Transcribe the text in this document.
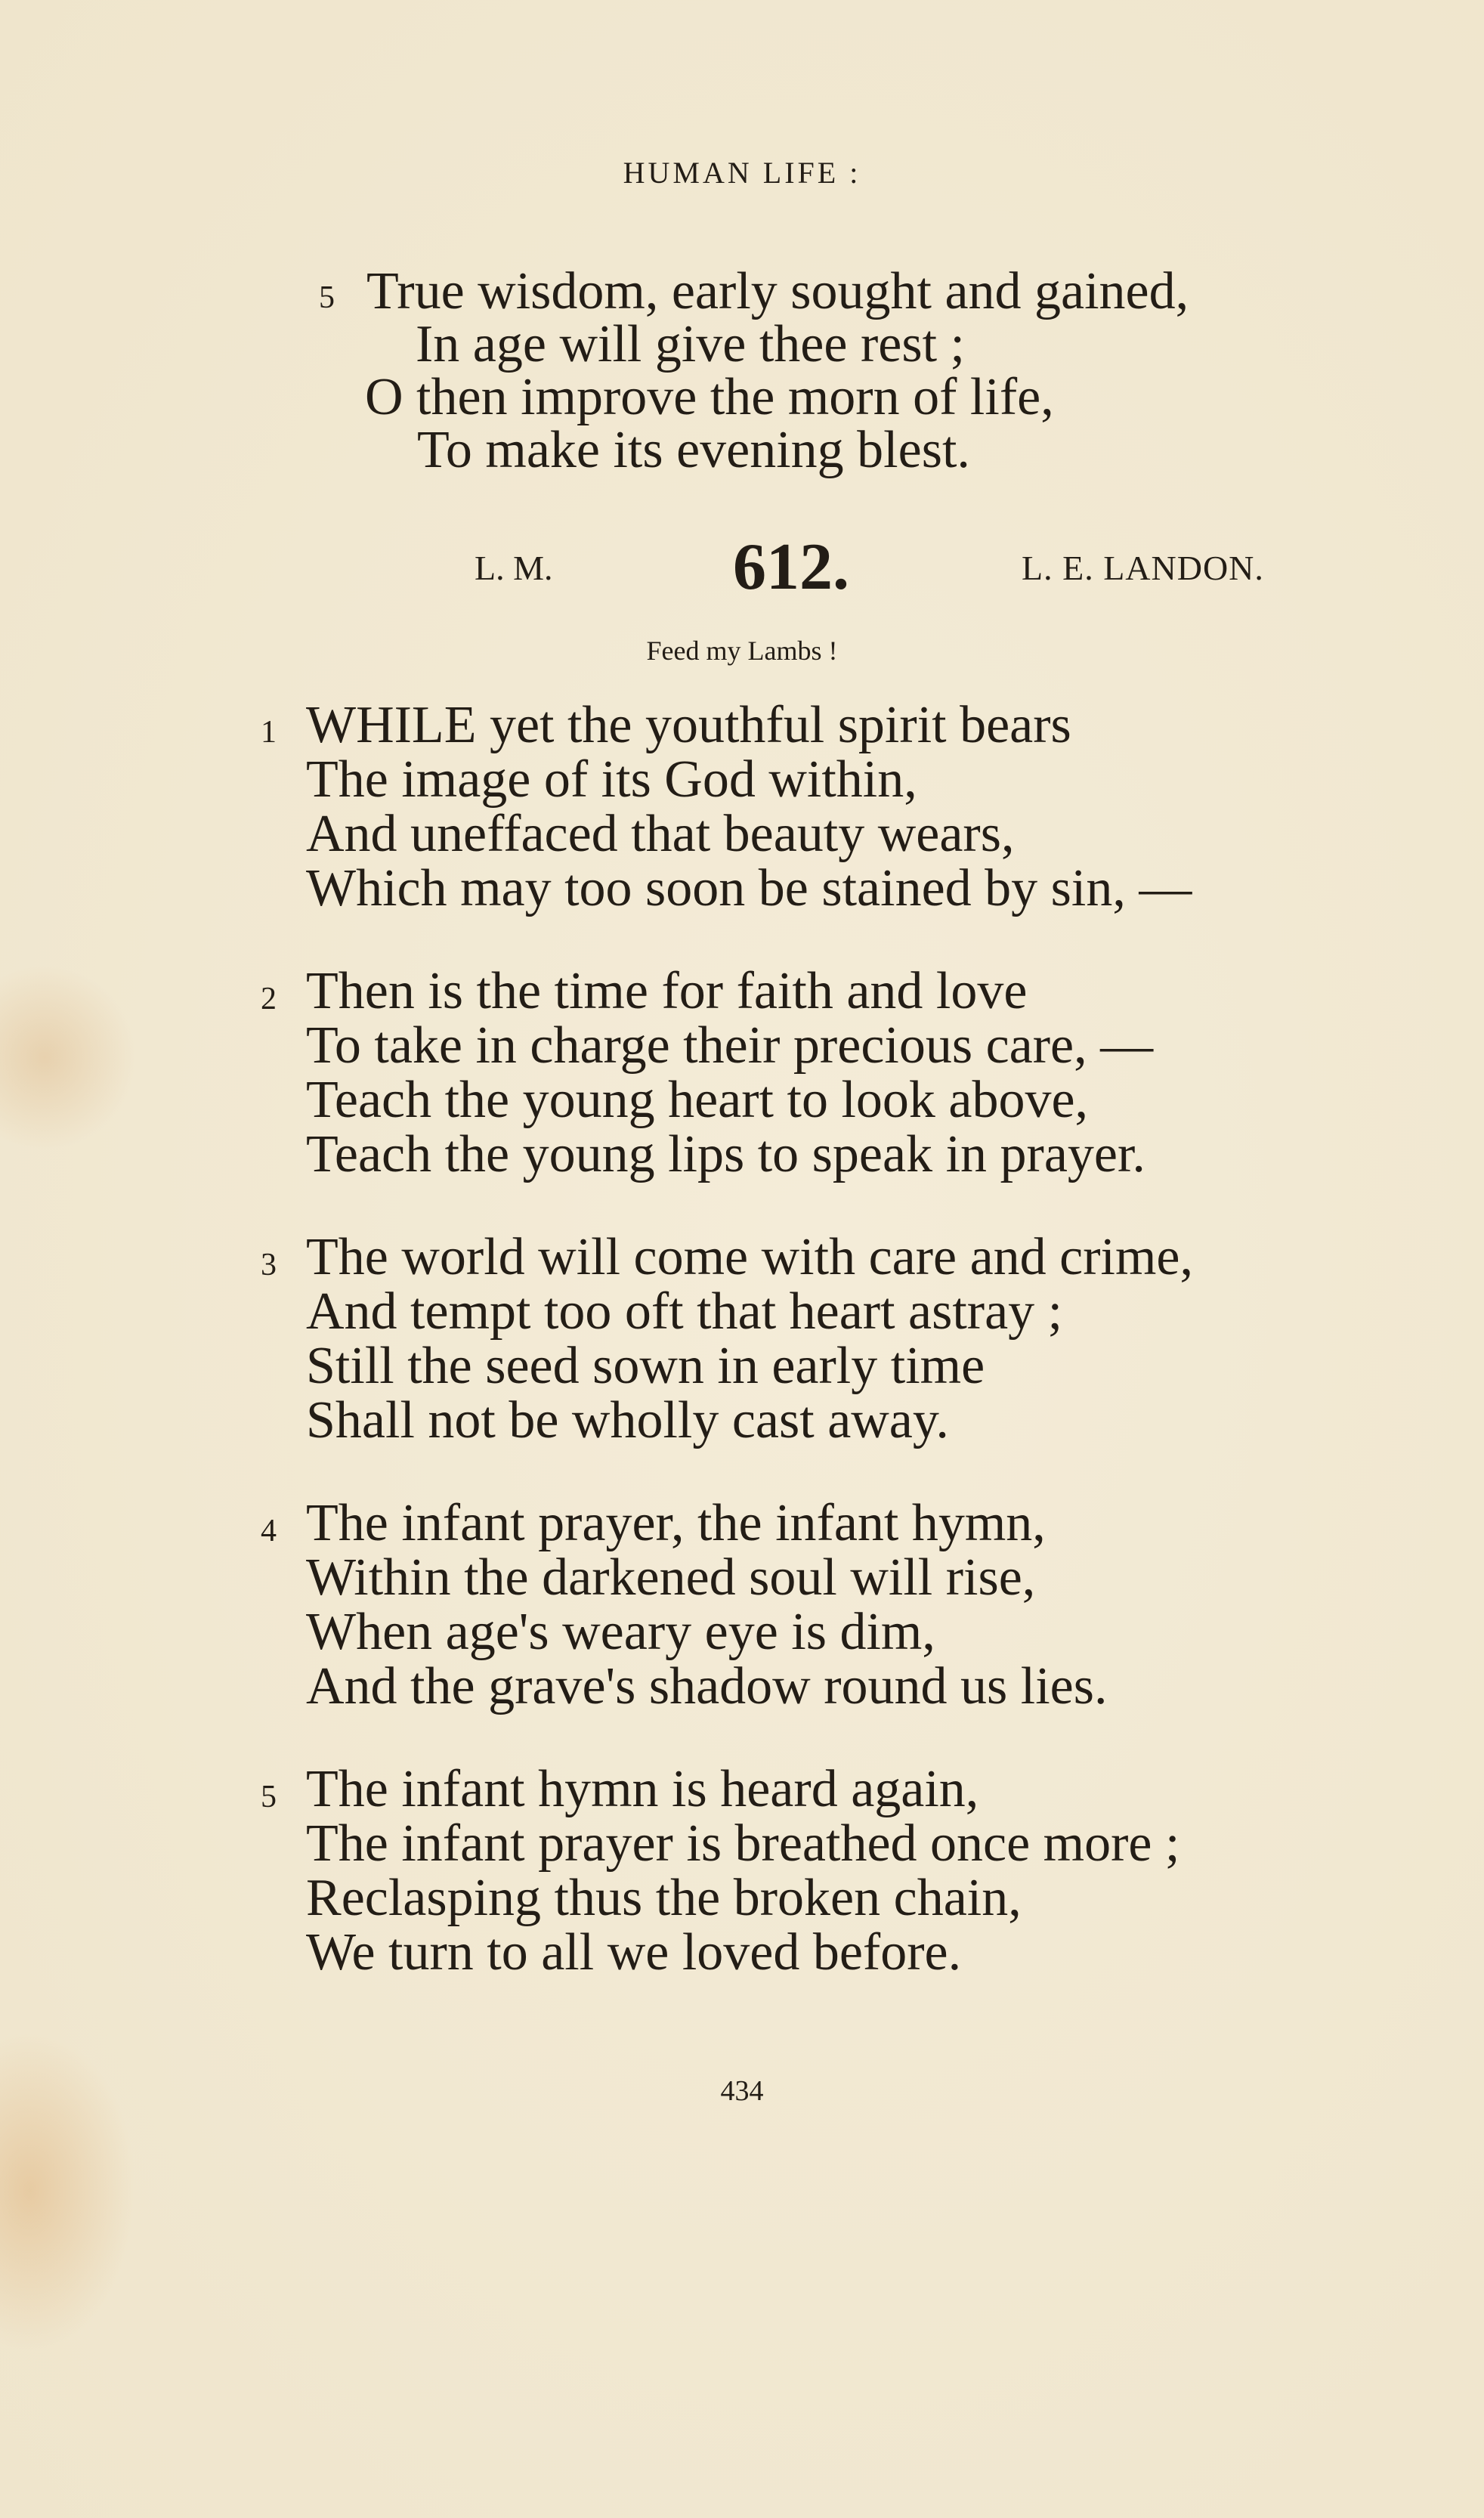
HUMAN LIFE :
5 True wisdom, early sought and gained,
In age will give thee rest ;
O then improve the morn of life,
To make its evening blest.
L. M.	612.	L. E. LANDON.
Feed my Lambs !
1 WHILE yet the youthful spirit bears
The image of its God within,
And uneffaced that beauty wears,
Which may too soon be stained by sin, —
2 Then is the time for faith and love
To take in charge their precious care, —
Teach the young heart to look above,
Teach the young lips to speak in prayer.
3 The world will come with care and crime,
And tempt too oft that heart astray ;
Still the seed sown in early time
Shall not be wholly cast away.
4 The infant prayer, the infant hymn,
Within the darkened soul will rise,
When age's weary eye is dim,
And the grave's shadow round us lies.
5 The infant hymn is heard again,
The infant prayer is breathed once more ;
Reclasping thus the broken chain,
We turn to all we loved before.
434
